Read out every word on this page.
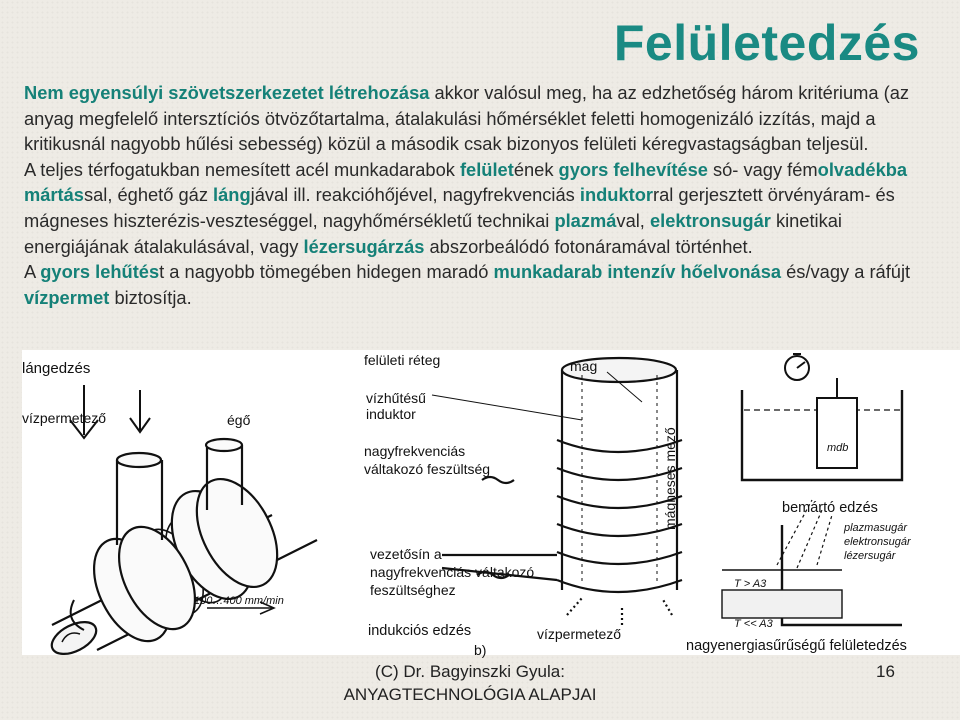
Felületedzés
Nem egyensúlyi szövetszerkezetet létrehozása akkor valósul meg, ha az edzhetőség három kritériuma (az anyag megfelelő intersztíciós ötvözőtartalma, átalakulási hőmérséklet feletti homogenizáló izzítás, majd a kritikusnál nagyobb hűlési sebesség) közül a második csak bizonyos felületi kéregvastagságban teljesül.
A teljes térfogatukban nemesített acél munkadarabok felületének gyors felhevítése só- vagy fémolvadékba mártással, éghető gáz lángjával ill. reakcióhőjével, nagyfrekvenciás induktorral gerjesztett örvényáram- és mágneses hiszterézis-veszteséggel, nagyhőmérsékletű technikai plazmával, elektronsugár kinetikai energiájának átalakulásával, vagy lézersugárzás abszorbeálódó fotonáramával történhet.
A gyors lehűtést a nagyobb tömegében hidegen maradó munkadarab intenzív hőelvonása és/vagy a ráfújt vízpermet biztosítja.
lángedzés
vízpermetező	égő
100…400 mm/min
felületi réteg	mag
vízhűtésű induktor
nagyfrekvenciás váltakozó feszültség	mágneses mező
vezetősín a nagyfrekvenciás váltakozó feszültséghez
vízpermetező
indukciós edzés
b)
mdb
bemártó edzés
plazmasugár
elektronsugár
lézersugár
T > A3
T << A3
nagyenergiasűrűségű felületedzés
(C) Dr. Bagyinszki Gyula:
ANYAGTECHNOLÓGIA ALAPJAI
16
